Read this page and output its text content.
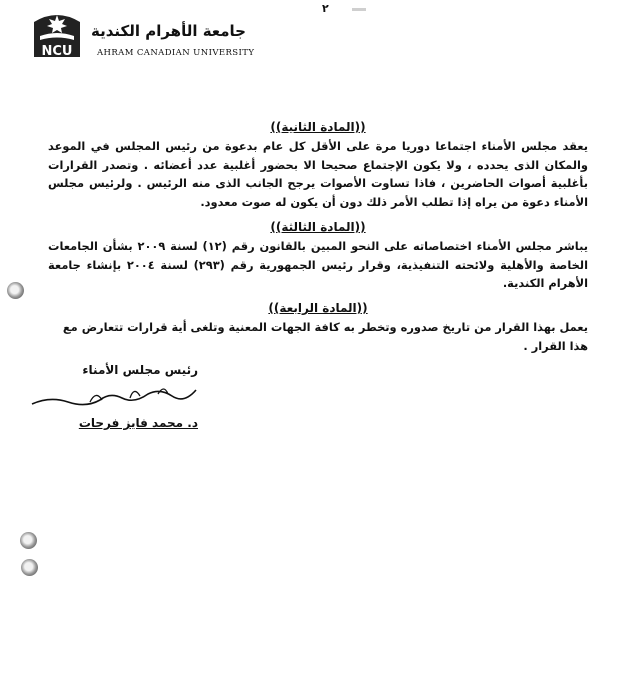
٢
NCU
جامعة الأهرام الكندية
AHRAM CANADIAN UNIVERSITY

((المادة الثانية))

يعقد مجلس الأمناء اجتماعا دوريا مرة على الأقل كل عام بدعوة من رئيس المجلس في الموعد والمكان الذى يحدده ، ولا يكون الإجتماع صحيحا الا بحضور أغلبية عدد أعضائه . وتصدر القرارات بأغلبية أصوات الحاضرين ، فاذا تساوت الأصوات يرجح الجانب الذى منه الرئيس . ولرئيس مجلس الأمناء دعوة من يراه إذا تطلب الأمر ذلك دون أن يكون له صوت معدود.

((المادة الثالثة))

يباشر مجلس الأمناء اختصاصاته على النحو المبين بالقانون رقم (١٢) لسنة ٢٠٠٩ بشأن الجامعات الخاصة والأهلية ولائحته التنفيذية، وقرار رئيس الجمهورية رقم (٢٩٣) لسنة ٢٠٠٤ بإنشاء جامعة الأهرام الكندية.

((المادة الرابعة))

يعمل بهذا القرار من تاريخ صدوره وتخطر به كافة الجهات المعنية وتلغى أية قرارات تتعارض مع هذا القرار .

رئيس مجلس الأمناء
د. محمد فايز فرحات
